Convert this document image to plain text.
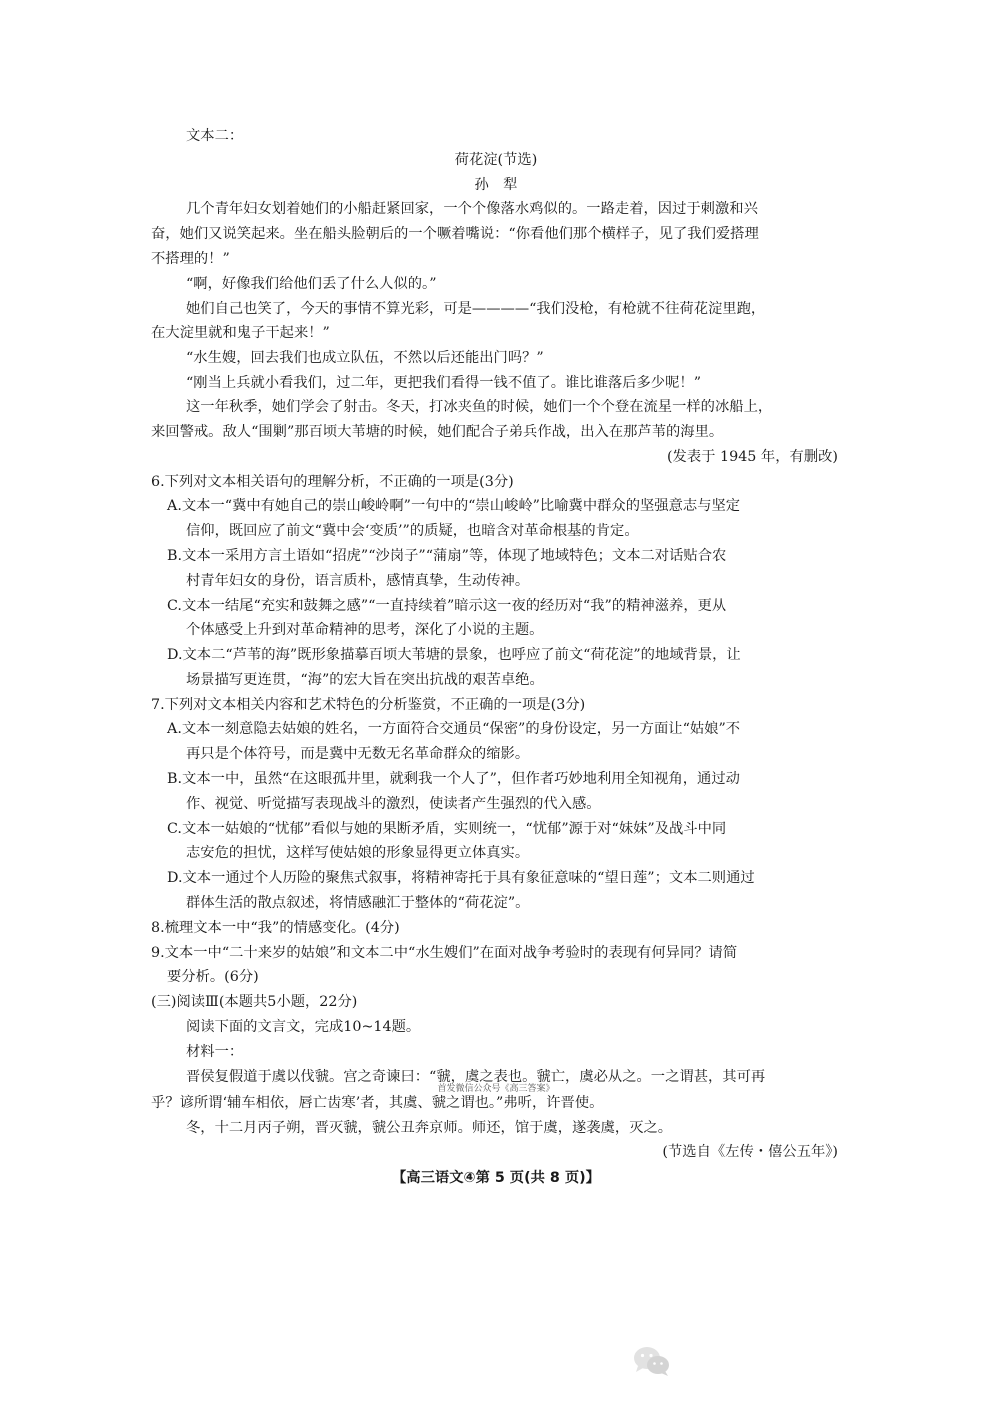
文本二：
荷花淀(节选)
孙　犁
几个青年妇女划着她们的小船赶紧回家，一个个像落水鸡似的。一路走着，因过于刺激和兴
奋，她们又说笑起来。坐在船头脸朝后的一个噘着嘴说：“你看他们那个横样子，见了我们爱搭理
不搭理的！”
“啊，好像我们给他们丢了什么人似的。”
她们自己也笑了，今天的事情不算光彩，可是————“我们没枪，有枪就不往荷花淀里跑，
在大淀里就和鬼子干起来！”
“水生嫂，回去我们也成立队伍，不然以后还能出门吗？”
“刚当上兵就小看我们，过二年，更把我们看得一钱不值了。谁比谁落后多少呢！”
这一年秋季，她们学会了射击。冬天，打冰夹鱼的时候，她们一个个登在流星一样的冰船上，
来回警戒。敌人“围剿”那百顷大苇塘的时候，她们配合子弟兵作战，出入在那芦苇的海里。
(发表于 1945 年，有删改)
6.下列对文本相关语句的理解分析，不正确的一项是(3分)
A.文本一“冀中有她自己的崇山峻岭啊”一句中的“崇山峻岭”比喻冀中群众的坚强意志与坚定
信仰，既回应了前文“冀中会‘变质’”的质疑，也暗含对革命根基的肯定。
B.文本一采用方言土语如“招虎”“沙岗子”“蒲扇”等，体现了地域特色；文本二对话贴合农
村青年妇女的身份，语言质朴，感情真挚，生动传神。
C.文本一结尾“充实和鼓舞之感”“一直持续着”暗示这一夜的经历对“我”的精神滋养，更从
个体感受上升到对革命精神的思考，深化了小说的主题。
D.文本二“芦苇的海”既形象描摹百顷大苇塘的景象，也呼应了前文“荷花淀”的地域背景，让
场景描写更连贯，“海”的宏大旨在突出抗战的艰苦卓绝。
7.下列对文本相关内容和艺术特色的分析鉴赏，不正确的一项是(3分)
A.文本一刻意隐去姑娘的姓名，一方面符合交通员“保密”的身份设定，另一方面让“姑娘”不
再只是个体符号，而是冀中无数无名革命群众的缩影。
B.文本一中，虽然“在这眼孤井里，就剩我一个人了”，但作者巧妙地利用全知视角，通过动
作、视觉、听觉描写表现战斗的激烈，使读者产生强烈的代入感。
C.文本一姑娘的“忧郁”看似与她的果断矛盾，实则统一，“忧郁”源于对“妹妹”及战斗中同
志安危的担忧，这样写使姑娘的形象显得更立体真实。
D.文本一通过个人历险的聚焦式叙事，将精神寄托于具有象征意味的“望日莲”；文本二则通过
群体生活的散点叙述，将情感融汇于整体的“荷花淀”。
8.梳理文本一中“我”的情感变化。(4分)
9.文本一中“二十来岁的姑娘”和文本二中“水生嫂们”在面对战争考验时的表现有何异同？请简
要分析。(6分)
(三)阅读Ⅲ(本题共5小题，22分)
阅读下面的文言文，完成10~14题。
材料一：
晋侯复假道于虞以伐虢。宫之奇谏曰：“虢，虞之表也。虢亡，虞必从之。一之谓甚，其可再
首发微信公众号《高三答案》
乎？谚所谓‘辅车相依，唇亡齿寒’者，其虞、虢之谓也。”弗听，许晋使。
冬，十二月丙子朔，晋灭虢，虢公丑奔京师。师还，馆于虞，遂袭虞，灭之。
(节选自《左传・僖公五年》)
【高三语文④第 5 页(共 8 页)】
